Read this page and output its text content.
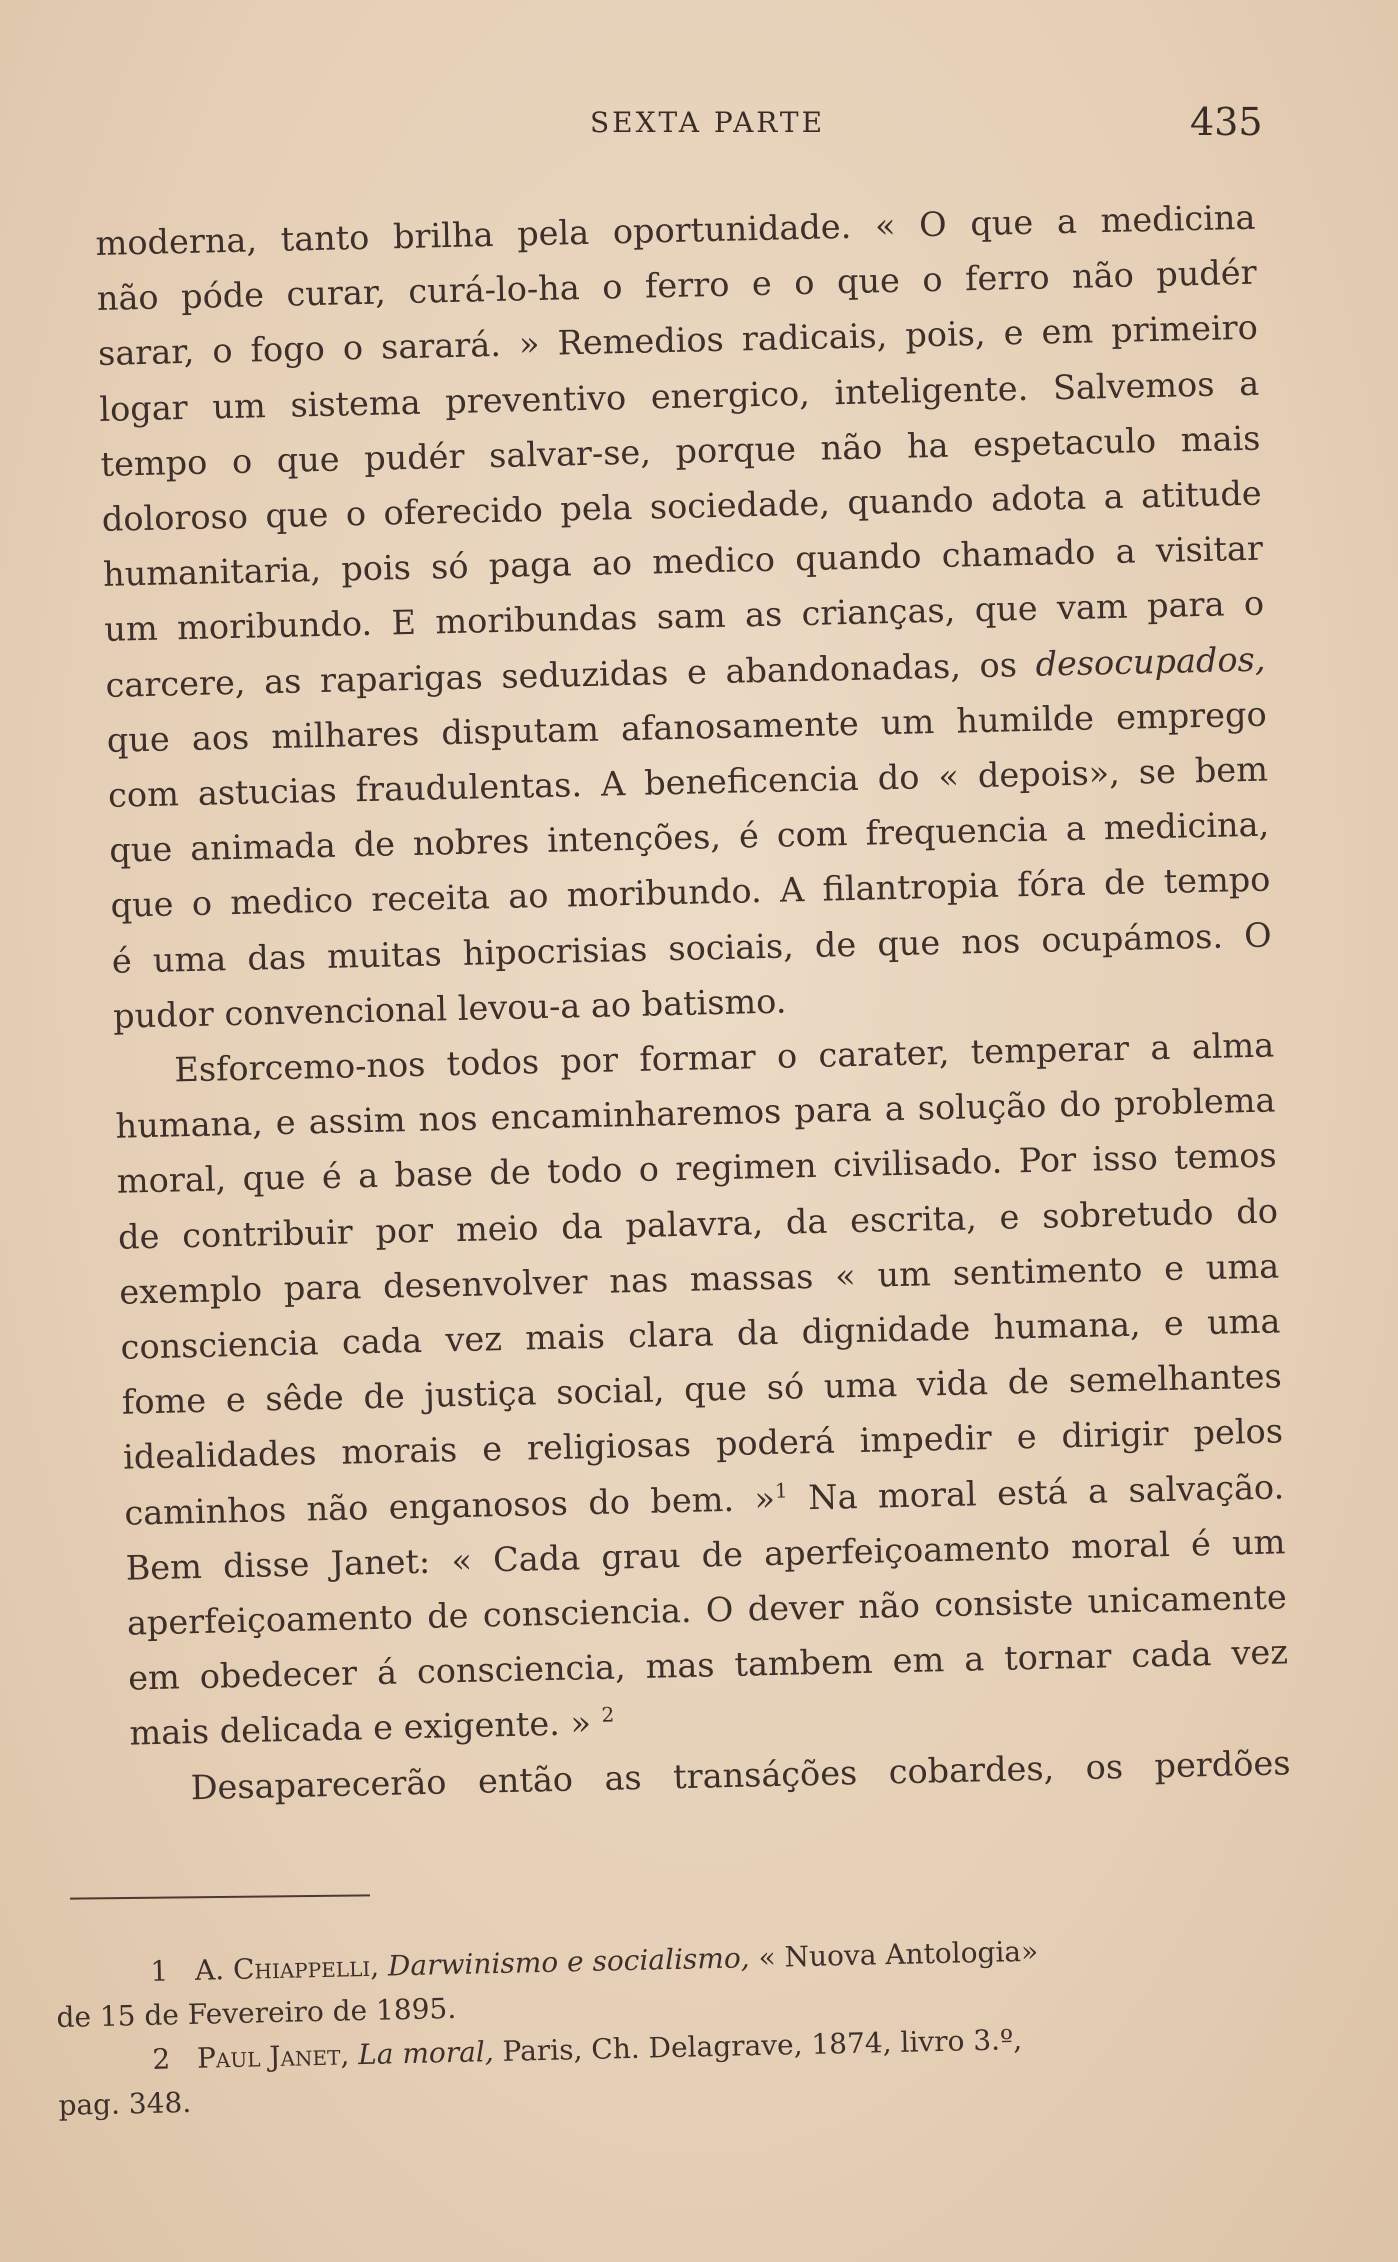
SEXTA PARTE	435

moderna, tanto brilha pela oportunidade. « O que a medicina
não póde curar, curá-lo-ha o ferro e o que o ferro não pudér
sarar, o fogo o sarará. » Remedios radicais, pois, e em primeiro
logar um sistema preventivo energico, inteligente. Salvemos a
tempo o que pudér salvar-se, porque não ha espetaculo mais
doloroso que o oferecido pela sociedade, quando adota a atitude
humanitaria, pois só paga ao medico quando chamado a visitar
um moribundo. E moribundas sam as crianças, que vam para o
carcere, as raparigas seduzidas e abandonadas, os desocupados,
que aos milhares disputam afanosamente um humilde emprego
com astucias fraudulentas. A beneficencia do « depois», se bem
que animada de nobres intenções, é com frequencia a medicina,
que o medico receita ao moribundo. A filantropia fóra de tempo
é uma das muitas hipocrisias sociais, de que nos ocupámos. O
pudor convencional levou-a ao batismo.

Esforcemo-nos todos por formar o carater, temperar a alma
humana, e assim nos encaminharemos para a solução do problema
moral, que é a base de todo o regimen civilisado. Por isso temos
de contribuir por meio da palavra, da escrita, e sobretudo do
exemplo para desenvolver nas massas « um sentimento e uma
consciencia cada vez mais clara da dignidade humana, e uma
fome e sêde de justiça social, que só uma vida de semelhantes
idealidades morais e religiosas poderá impedir e dirigir pelos
caminhos não enganosos do bem. »$^1$ Na moral está a salvação.
Bem disse Janet: « Cada grau de aperfeiçoamento moral é um
aperfeiçoamento de consciencia. O dever não consiste unicamente
em obedecer á consciencia, mas tambem em a tornar cada vez
mais delicada e exigente. » $^2$

Desaparecerão então as transáções cobardes, os perdões

1 A. Chiappelli, Darwinismo e socialismo, « Nuova Antologia»
de 15 de Fevereiro de 1895.

2 Paul Janet, La moral, Paris, Ch. Delagrave, 1874, livro 3.º,
pag. 348.
